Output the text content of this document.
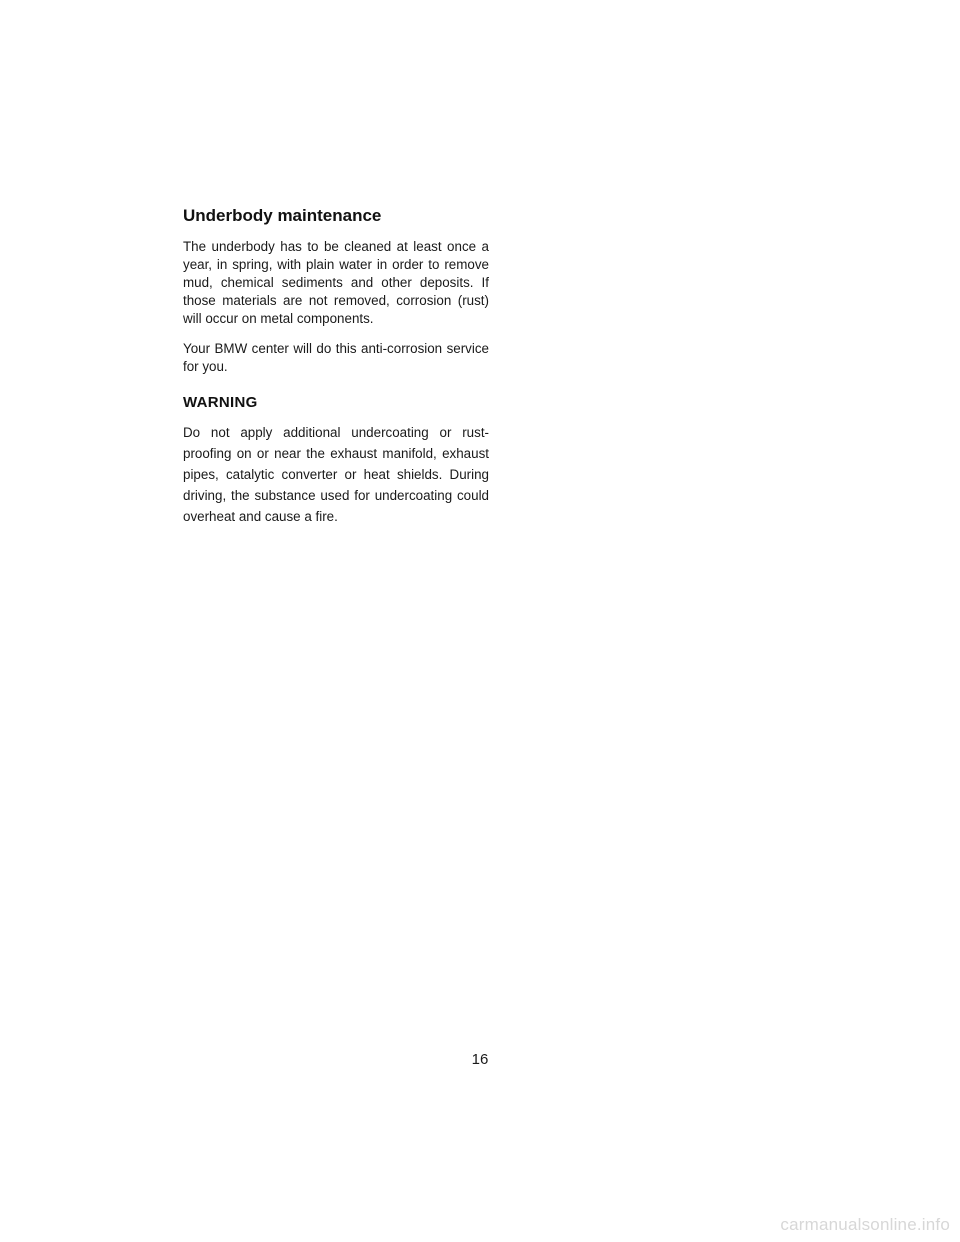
Underbody maintenance

The underbody has to be cleaned at least once a year, in spring, with plain water in order to remove mud, chemical sediments and other deposits. If those materials are not removed, corrosion (rust) will occur on metal components.

Your BMW center will do this anti-corrosion service for you.

WARNING

Do not apply additional undercoating or rust-proofing on or near the exhaust manifold, exhaust pipes, catalytic converter or heat shields. During driving, the substance used for undercoating could overheat and cause a fire.

16
carmanualsonline.info
